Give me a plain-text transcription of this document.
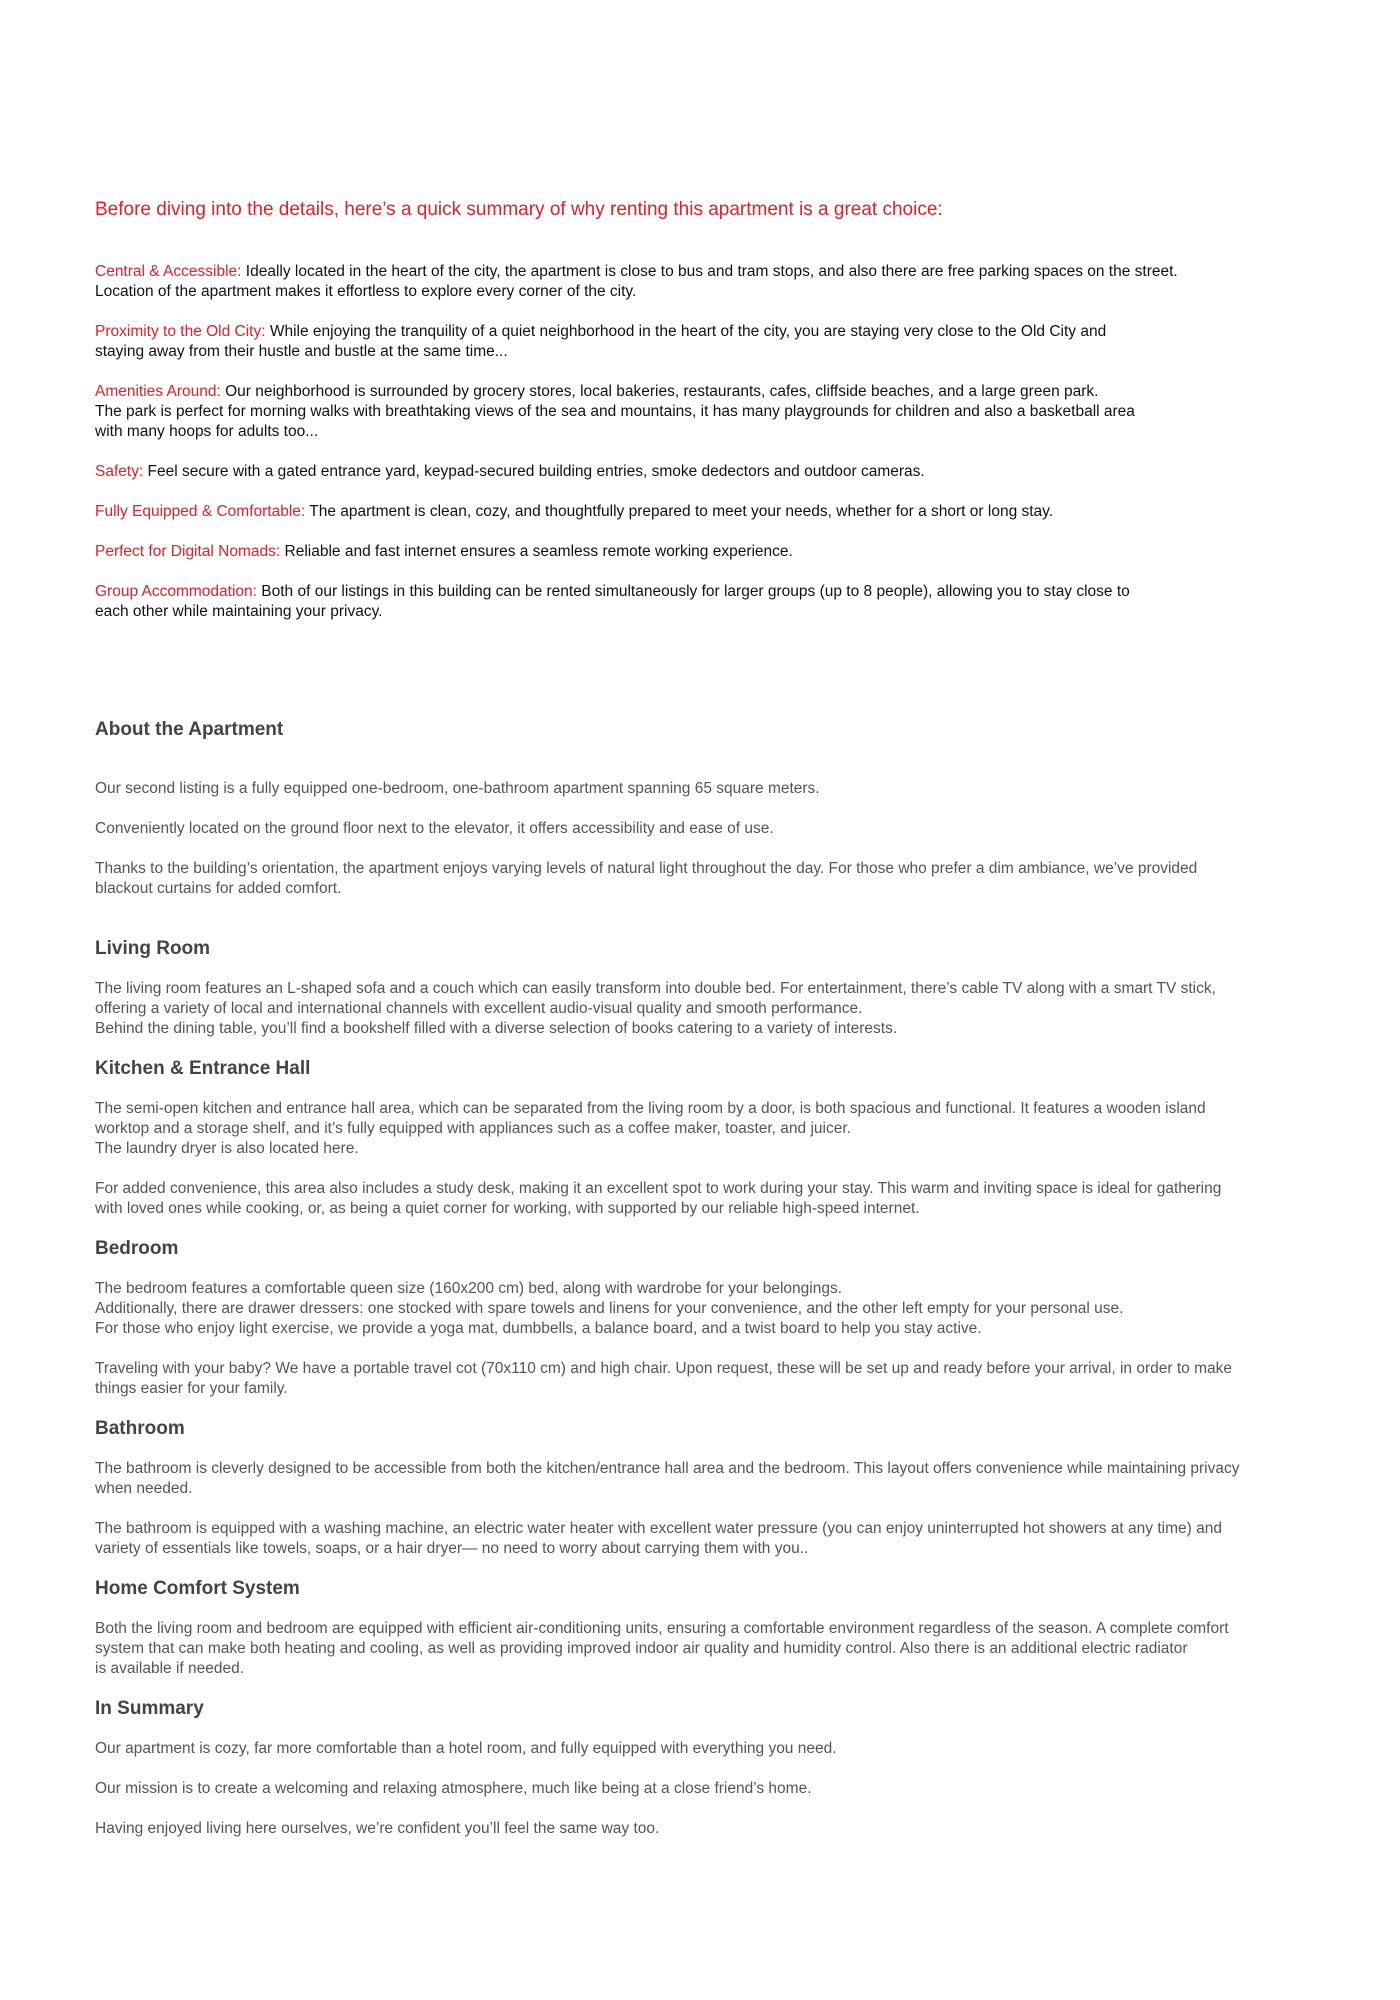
Before diving into the details, here’s a quick summary of why renting this apartment is a great choice:

Central & Accessible: Ideally located in the heart of the city, the apartment is close to bus and tram stops, and also there are free parking spaces on the street.
Location of the apartment makes it effortless to explore every corner of the city.

Proximity to the Old City: While enjoying the tranquility of a quiet neighborhood in the heart of the city, you are staying very close to the Old City and
staying away from their hustle and bustle at the same time...

Amenities Around: Our neighborhood is surrounded by grocery stores, local bakeries, restaurants, cafes, cliffside beaches, and a large green park.
The park is perfect for morning walks with breathtaking views of the sea and mountains, it has many playgrounds for children and also a basketball area
with many hoops for adults too...

Safety: Feel secure with a gated entrance yard, keypad-secured building entries, smoke dedectors and outdoor cameras.

Fully Equipped & Comfortable: The apartment is clean, cozy, and thoughtfully prepared to meet your needs, whether for a short or long stay.

Perfect for Digital Nomads: Reliable and fast internet ensures a seamless remote working experience.

Group Accommodation: Both of our listings in this building can be rented simultaneously for larger groups (up to 8 people), allowing you to stay close to
each other while maintaining your privacy.

About the Apartment

Our second listing is a fully equipped one-bedroom, one-bathroom apartment spanning 65 square meters.

Conveniently located on the ground floor next to the elevator, it offers accessibility and ease of use.

Thanks to the building’s orientation, the apartment enjoys varying levels of natural light throughout the day. For those who prefer a dim ambiance, we’ve provided
blackout curtains for added comfort.

Living Room

The living room features an L-shaped sofa and a couch which can easily transform into double bed. For entertainment, there’s cable TV along with a smart TV stick,
offering a variety of local and international channels with excellent audio-visual quality and smooth performance.
Behind the dining table, you’ll find a bookshelf filled with a diverse selection of books catering to a variety of interests.

Kitchen & Entrance Hall

The semi-open kitchen and entrance hall area, which can be separated from the living room by a door, is both spacious and functional. It features a wooden island
worktop and a storage shelf, and it’s fully equipped with appliances such as a coffee maker, toaster, and juicer.
The laundry dryer is also located here.

For added convenience, this area also includes a study desk, making it an excellent spot to work during your stay. This warm and inviting space is ideal for gathering
with loved ones while cooking, or, as being a quiet corner for working, with supported by our reliable high-speed internet.

Bedroom

The bedroom features a comfortable queen size (160x200 cm) bed, along with wardrobe for your belongings.
Additionally, there are drawer dressers: one stocked with spare towels and linens for your convenience, and the other left empty for your personal use.
For those who enjoy light exercise, we provide a yoga mat, dumbbells, a balance board, and a twist board to help you stay active.

Traveling with your baby? We have a portable travel cot (70x110 cm) and high chair. Upon request, these will be set up and ready before your arrival, in order to make
things easier for your family.

Bathroom

The bathroom is cleverly designed to be accessible from both the kitchen/entrance hall area and the bedroom. This layout offers convenience while maintaining privacy
when needed.

The bathroom is equipped with a washing machine, an electric water heater with excellent water pressure (you can enjoy uninterrupted hot showers at any time) and
variety of essentials like towels, soaps, or a hair dryer— no need to worry about carrying them with you..

Home Comfort System

Both the living room and bedroom are equipped with efficient air-conditioning units, ensuring a comfortable environment regardless of the season. A complete comfort
system that can make both heating and cooling, as well as providing improved indoor air quality and humidity control. Also there is an additional electric radiator
is available if needed.

In Summary

Our apartment is cozy, far more comfortable than a hotel room, and fully equipped with everything you need.

Our mission is to create a welcoming and relaxing atmosphere, much like being at a close friend’s home.

Having enjoyed living here ourselves, we’re confident you’ll feel the same way too.
